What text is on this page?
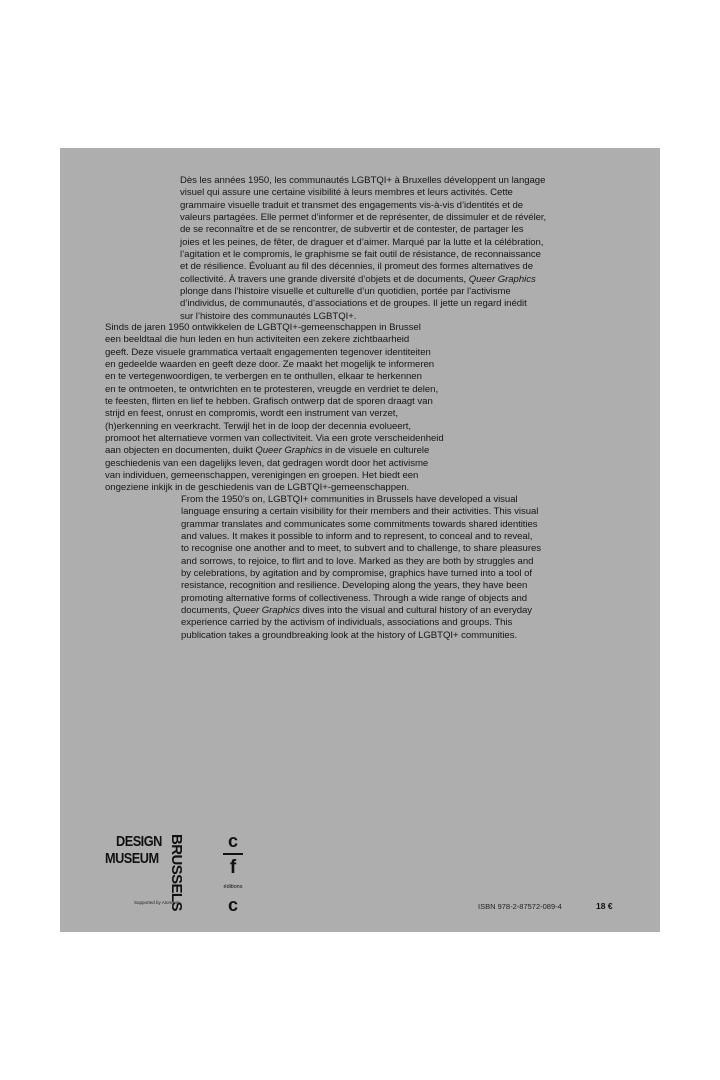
Dès les années 1950, les communautés LGBTQI+ à Bruxelles développent un langage
visuel qui assure une certaine visibilité à leurs membres et leurs activités. Cette
grammaire visuelle traduit et transmet des engagements vis-à-vis d’identités et de
valeurs partagées. Elle permet d’informer et de représenter, de dissimuler et de révéler,
de se reconnaître et de se rencontrer, de subvertir et de contester, de partager les
joies et les peines, de fêter, de draguer et d’aimer. Marqué par la lutte et la célébration,
l’agitation et le compromis, le graphisme se fait outil de résistance, de reconnaissance
et de résilience. Évoluant au fil des décennies, il promeut des formes alternatives de
collectivité. À travers une grande diversité d’objets et de documents, Queer Graphics
plonge dans l’histoire visuelle et culturelle d’un quotidien, portée par l’activisme
d’individus, de communautés, d’associations et de groupes. Il jette un regard inédit
sur l’histoire des communautés LGBTQI+.
Sinds de jaren 1950 ontwikkelen de LGBTQI+-gemeenschappen in Brussel
een beeldtaal die hun leden en hun activiteiten een zekere zichtbaarheid
geeft. Deze visuele grammatica vertaalt engagementen tegenover identiteiten
en gedeelde waarden en geeft deze door. Ze maakt het mogelijk te informeren
en te vertegenwoordigen, te verbergen en te onthullen, elkaar te herkennen
en te ontmoeten, te ontwrichten en te protesteren, vreugde en verdriet te delen,
te feesten, flirten en lief te hebben. Grafisch ontwerp dat de sporen draagt van
strijd en feest, onrust en compromis, wordt een instrument van verzet,
(h)erkenning en veerkracht. Terwijl het in de loop der decennia evolueert,
promoot het alternatieve vormen van collectiviteit. Via een grote verscheidenheid
aan objecten en documenten, duikt Queer Graphics in de visuele en culturele
geschiedenis van een dagelijks leven, dat gedragen wordt door het activisme
van individuen, gemeenschappen, verenigingen en groepen. Het biedt een
ongeziene inkijk in de geschiedenis van de LGBTQI+-gemeenschappen.
From the 1950’s on, LGBTQI+ communities in Brussels have developed a visual
language ensuring a certain visibility for their members and their activities. This visual
grammar translates and communicates some commitments towards shared identities
and values. It makes it possible to inform and to represent, to conceal and to reveal,
to recognise one another and to meet, to subvert and to challenge, to share pleasures
and sorrows, to rejoice, to flirt and to love. Marked as they are both by struggles and
by celebrations, by agitation and by compromise, graphics have turned into a tool of
resistance, recognition and resilience. Developing along the years, they have been
promoting alternative forms of collectiveness. Through a wide range of objects and
documents, Queer Graphics dives into the visual and cultural history of an everyday
experience carried by the activism of individuals, associations and groups. This
publication takes a groundbreaking look at the history of LGBTQI+ communities.
DESIGN
MUSEUM BRUSSELS
Supported by Atomium
c
f
éditions
c	ISBN 978-2-87572-089-4	18 €
